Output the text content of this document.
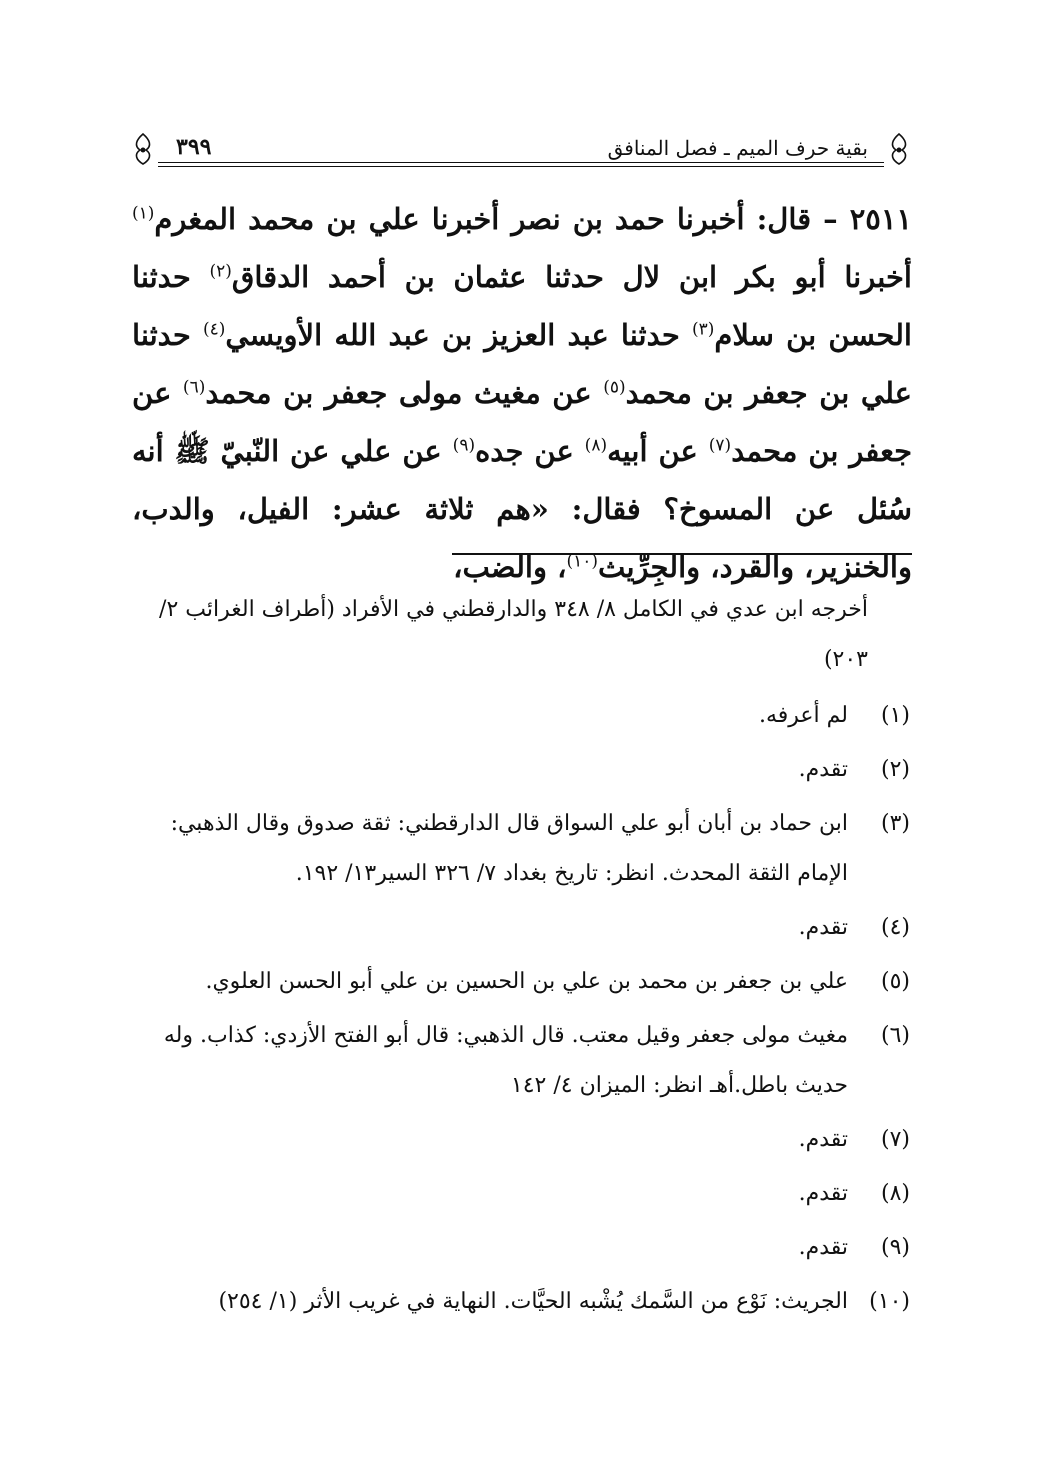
بقية حرف الميم ـ فصل المنافق
٣٩٩

٢٥١١ – قال: أخبرنا حمد بن نصر أخبرنا علي بن محمد المغرم$^{(١)}$ أخبرنا أبو بكر ابن لال حدثنا عثمان بن أحمد الدقاق$^{(٢)}$ حدثنا الحسن بن سلام$^{(٣)}$ حدثنا عبد العزيز بن عبد الله الأويسي$^{(٤)}$ حدثنا علي بن جعفر بن محمد$^{(٥)}$ عن مغيث مولى جعفر بن محمد$^{(٦)}$ عن جعفر بن محمد$^{(٧)}$ عن أبيه$^{(٨)}$ عن جده$^{(٩)}$ عن علي عن النّبيّ ﷺ أنه سُئل عن المسوخ؟ فقال: «هم ثلاثة عشر: الفيل، والدب، والخنزير، والقرد، والجِرِّيث$^{(١٠)}$، والضب،

أخرجه ابن عدي في الكامل ٨/ ٣٤٨ والدارقطني في الأفراد (أطراف الغرائب ٢/ ٢٠٣)

(١)
لم أعرفه.

(٢)
تقدم.

(٣)
ابن حماد بن أبان أبو علي السواق قال الدارقطني: ثقة صدوق وقال الذهبي: الإمام الثقة المحدث. انظر: تاريخ بغداد ٧/ ٣٢٦ السير١٣/ ١٩٢.

(٤)
تقدم.

(٥)
علي بن جعفر بن محمد بن علي بن الحسين بن علي أبو الحسن العلوي.

(٦)
مغيث مولى جعفر وقيل معتب. قال الذهبي: قال أبو الفتح الأزدي: كذاب. وله حديث باطل.أهـ انظر: الميزان ٤/ ١٤٢

(٧)
تقدم.

(٨)
تقدم.

(٩)
تقدم.

(١٠)
الجريث: نَوْع من السَّمك يُشْبه الحيَّات. النهاية في غريب الأثر (١/ ٢٥٤)
